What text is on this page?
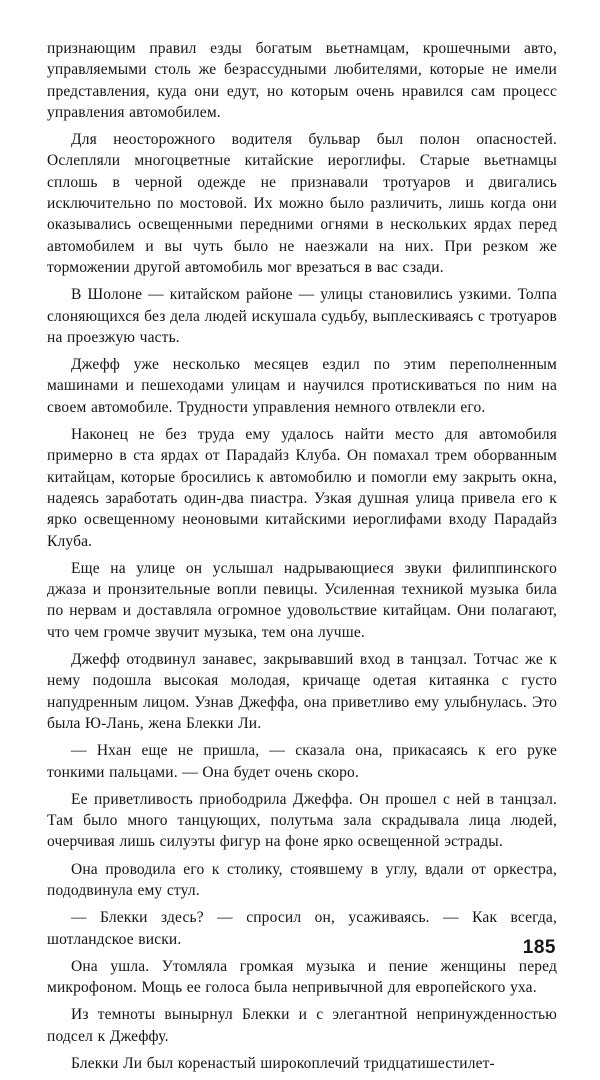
признающим правил езды богатым вьетнамцам, крошечными автo, управляемыми столь же безрассудными любителями, которые не имели представления, куда они едут, но которым очень нравился сам процесс управления автомобилем.

Для неосторожного водителя бульвар был полон опасностей. Ослепляли многоцветные китайские иероглифы. Старые вьетнамцы сплошь в черной одежде не признавали тротуаров и двигались исключительно по мостовой. Их можно было различить, лишь когда они оказывались освещенными передними огнями в нескольких ярдах перед автомобилем и вы чуть было не наезжали на них. При резком же торможении другой автомобиль мог врезаться в вас сзади.

В Шолоне — китайском районе — улицы становились узкими. Толпа слоняющихся без дела людей искушала судьбу, выплескиваясь с тротуаров на проезжую часть.

Джефф уже несколько месяцев ездил по этим переполненным машинами и пешеходами улицам и научился протискиваться по ним на своем автомобиле. Трудности управления немного отвлекли его.

Наконец не без труда ему удалось найти место для автомобиля примерно в ста ярдах от Парадайз Клуба. Он помахал трем оборванным китайцам, которые бросились к автомобилю и помогли ему закрыть окна, надеясь заработать один-два пиастра. Узкая душная улица привела его к ярко освещенному неоновыми китайскими иероглифами входу Парадайз Клуба.

Еще на улице он услышал надрывающиеся звуки филиппинского джаза и пронзительные вопли певицы. Усиленная техникой музыка била по нервам и доставляла огромное удовольствие китайцам. Они полагают, что чем громче звучит музыка, тем она лучше.

Джефф отодвинул занавес, закрывавший вход в танцзал. Тотчас же к нему подошла высокая молодая, кричаще одетая китаянка с густо напудренным лицом. Узнав Джеффа, она приветливо ему улыбнулась. Это была Ю-Лань, жена Блекки Ли.

— Нхан еще не пришла, — сказала она, прикасаясь к его руке тонкими пальцами. — Она будет очень скоро.

Ее приветливость приободрила Джеффа. Он прошел с ней в танцзал. Там было много танцующих, полутьма зала скрадывала лица людей, очерчивая лишь силуэты фигур на фоне ярко освещенной эстрады.

Она проводила его к столику, стоявшему в углу, вдали от оркестра, пододвинула ему стул.

— Блекки здесь? — спросил он, усаживаясь. — Как всегда, шотландское виски.

Она ушла. Утомляла громкая музыка и пение женщины перед микрофоном. Мощь ее голоса была непривычной для европейского уха.

Из темноты вынырнул Блекки и с элегантной непринужденностью подсел к Джеффу.

Блекки Ли был коренастый широкоплечий тридцатишестилет-

185
